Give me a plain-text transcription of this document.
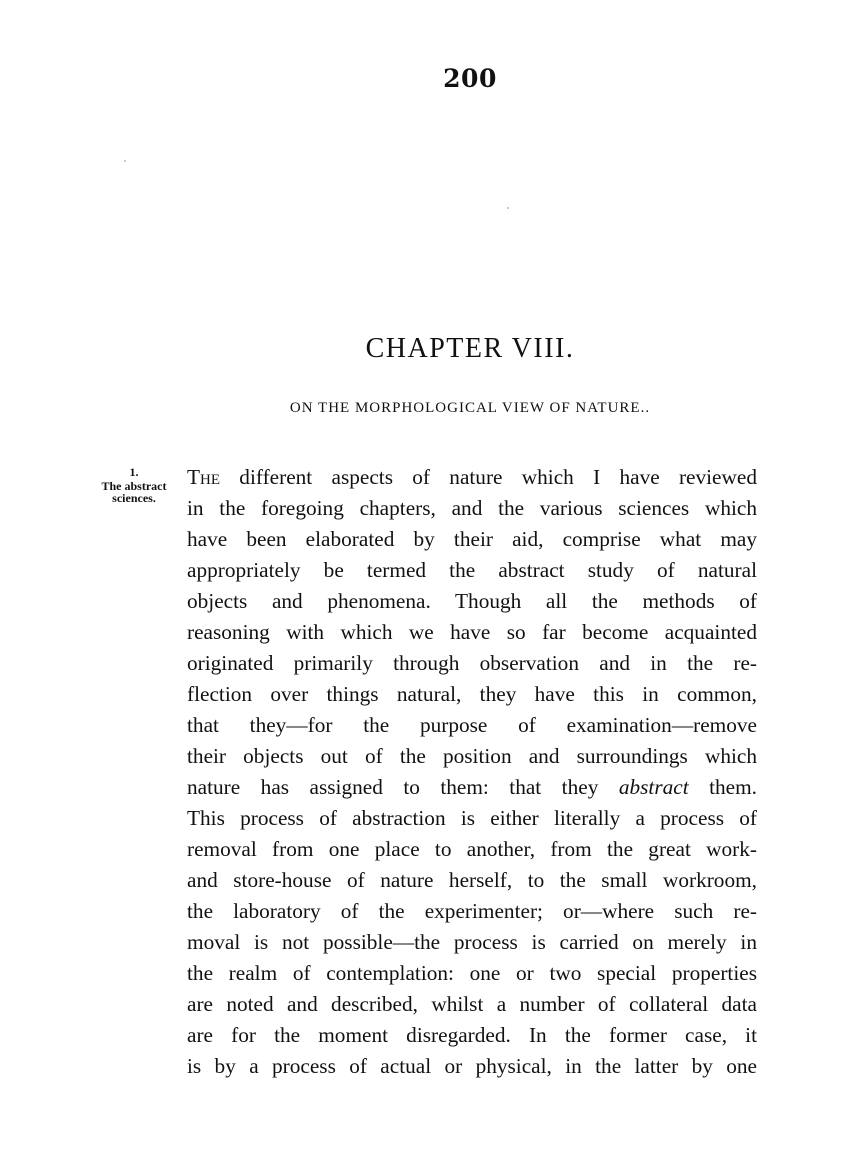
200
CHAPTER VIII.
ON THE MORPHOLOGICAL VIEW OF NATURE..
1.
The abstract
sciences.
The different aspects of nature which I have reviewed
in the foregoing chapters, and the various sciences which
have been elaborated by their aid, comprise what may
appropriately be termed the abstract study of natural
objects and phenomena. Though all the methods of
reasoning with which we have so far become acquainted
originated primarily through observation and in the re-
flection over things natural, they have this in common,
that they—for the purpose of examination—remove
their objects out of the position and surroundings which
nature has assigned to them: that they abstract them.
This process of abstraction is either literally a process of
removal from one place to another, from the great work-
and store-house of nature herself, to the small workroom,
the laboratory of the experimenter; or—where such re-
moval is not possible—the process is carried on merely in
the realm of contemplation: one or two special properties
are noted and described, whilst a number of collateral data
are for the moment disregarded. In the former case, it
is by a process of actual or physical, in the latter by one
